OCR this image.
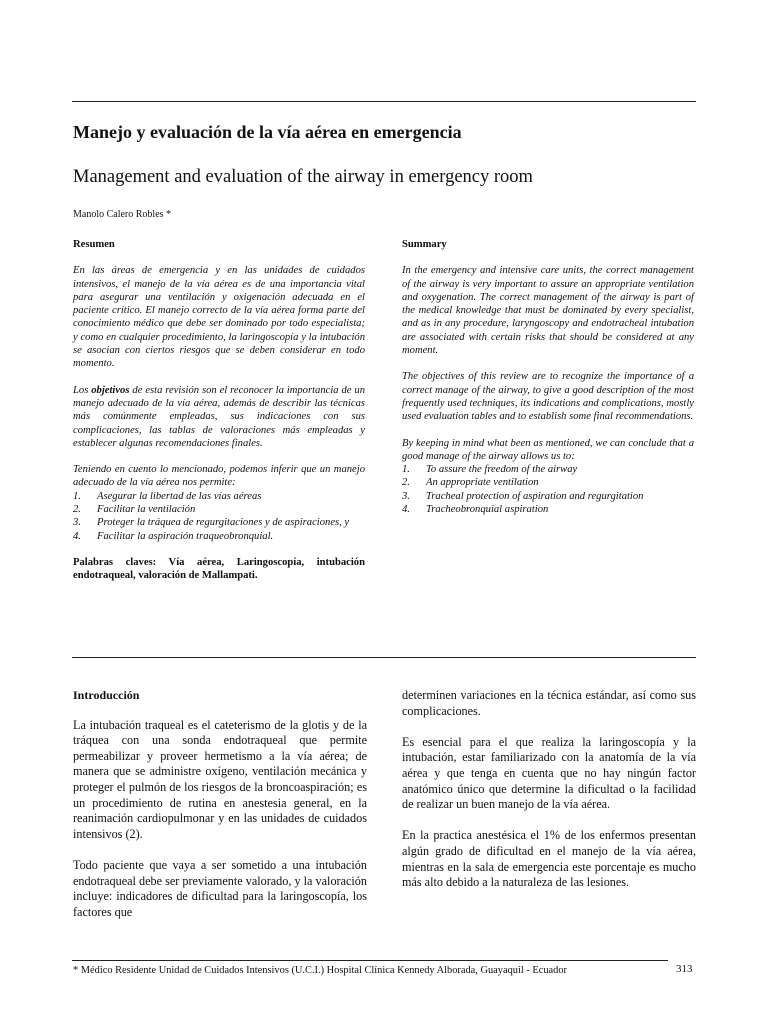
Manejo y evaluación de la vía aérea en emergencia
Management and evaluation of the airway in emergency room
Manolo Calero Robles *
Resumen

En las áreas de emergencia y en las unidades de cuidados intensivos, el manejo de la vía aérea es de una importancia vital para asegurar una ventilación y oxigenación adecuada en el paciente crítico. El manejo correcto de la vía aérea forma parte del conocimiento médico que debe ser dominado por todo especialista; y como en cualquier procedimiento, la laringoscopía y la intubación se asocian con ciertos riesgos que se deben considerar en todo momento.

Los objetivos de esta revisión son el reconocer la importancia de un manejo adecuado de la vía aérea, además de describir las técnicas más comúnmente empleadas, sus indicaciones con sus complicaciones, las tablas de valoraciones más empleadas y establecer algunas recomendaciones finales.

Teniendo en cuento lo mencionado, podemos inferir que un manejo adecuado de la vía aérea nos permite:
1. Asegurar la libertad de las vías aéreas
2. Facilitar la ventilación
3. Proteger la tráquea de regurgitaciones y de aspiraciones, y
4. Facilitar la aspiración traqueobronquial.

Palabras claves: Vía aérea, Laringoscopía, intubación endotraqueal, valoración de Mallampati.

Summary

In the emergency and intensive care units, the correct management of the airway is very important to assure an appropriate ventilation and oxygenation. The correct management of the airway is part of the medical knowledge that must be dominated by every specialist, and as in any procedure, laryngoscopy and endotracheal intubation are associated with certain risks that should be considered at any moment.

The objectives of this review are to recognize the importance of a correct manage of the airway, to give a good description of the most frequently used techniques, its indications and complications, mostly used evaluation tables and to establish some final recommendations.

By keeping in mind what been as mentioned, we can conclude that a good manage of the airway allows us to:
1. To assure the freedom of the airway
2. An appropriate ventilation
3. Tracheal protection of aspiration and regurgitation
4. Tracheobronquial aspiration
Introducción

La intubación traqueal es el cateterismo de la glotis y de la tráquea con una sonda endotraqueal que permite permeabilizar y proveer hermetismo a la vía aérea; de manera que se administre oxígeno, ventilación mecánica y proteger el pulmón de los riesgos de la broncoaspiración; es un procedimiento de rutina en anestesia general, en la reanimación cardiopulmonar y en las unidades de cuidados intensivos (2).

Todo paciente que vaya a ser sometido a una intubación endotraqueal debe ser previamente valorado, y la valoración incluye: indicadores de dificultad para la laringoscopía, los factores que

determinen variaciones en la técnica estándar, así como sus complicaciones.

Es esencial para el que realiza la laringoscopía y la intubación, estar familiarizado con la anatomía de la vía aérea y que tenga en cuenta que no hay ningún factor anatómico único que determine la dificultad o la facilidad de realizar un buen manejo de la vía aérea.

En la practica anestésica el 1% de los enfermos presentan algún grado de dificultad en el manejo de la vía aérea, mientras en la sala de emergencia este porcentaje es mucho más alto debido a la naturaleza de las lesiones.

* Médico Residente Unidad de Cuidados Intensivos (U.C.I.) Hospital Clínica Kennedy Alborada, Guayaquil - Ecuador	313
